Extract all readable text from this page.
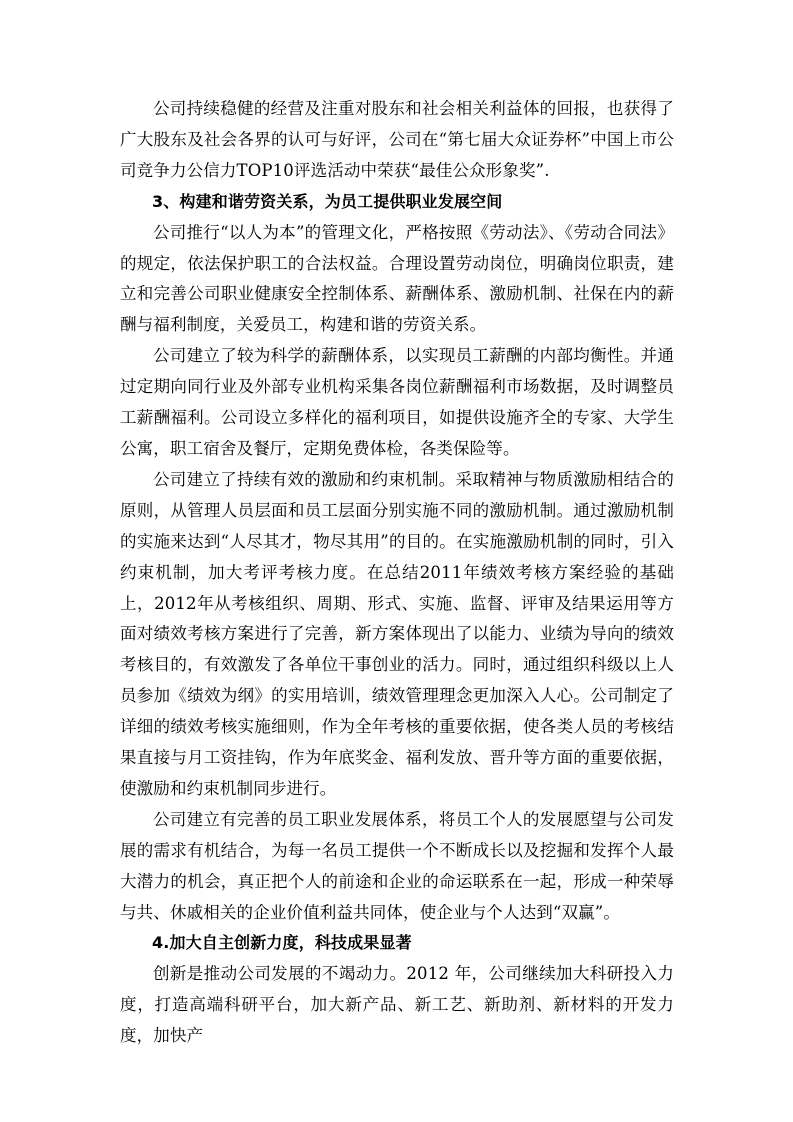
公司持续稳健的经营及注重对股东和社会相关利益体的回报，也获得了广大股东及社会各界的认可与好评，公司在“第七届大众证券杯”中国上市公司竞争力公信力TOP10评选活动中荣获“最佳公众形象奖”.

3、构建和谐劳资关系，为员工提供职业发展空间

公司推行“以人为本”的管理文化，严格按照《劳动法》、《劳动合同法》的规定，依法保护职工的合法权益。合理设置劳动岗位，明确岗位职责，建立和完善公司职业健康安全控制体系、薪酬体系、激励机制、社保在内的薪酬与福利制度，关爱员工，构建和谐的劳资关系。

公司建立了较为科学的薪酬体系，以实现员工薪酬的内部均衡性。并通过定期向同行业及外部专业机构采集各岗位薪酬福利市场数据，及时调整员工薪酬福利。公司设立多样化的福利项目，如提供设施齐全的专家、大学生公寓，职工宿舍及餐厅，定期免费体检，各类保险等。

公司建立了持续有效的激励和约束机制。采取精神与物质激励相结合的原则，从管理人员层面和员工层面分别实施不同的激励机制。通过激励机制的实施来达到“人尽其才，物尽其用”的目的。在实施激励机制的同时，引入约束机制，加大考评考核力度。在总结2011年绩效考核方案经验的基础上，2012年从考核组织、周期、形式、实施、监督、评审及结果运用等方面对绩效考核方案进行了完善，新方案体现出了以能力、业绩为导向的绩效考核目的，有效激发了各单位干事创业的活力。同时，通过组织科级以上人员参加《绩效为纲》的实用培训，绩效管理理念更加深入人心。公司制定了详细的绩效考核实施细则，作为全年考核的重要依据，使各类人员的考核结果直接与月工资挂钩，作为年底奖金、福利发放、晋升等方面的重要依据，使激励和约束机制同步进行。

公司建立有完善的员工职业发展体系，将员工个人的发展愿望与公司发展的需求有机结合，为每一名员工提供一个不断成长以及挖掘和发挥个人最大潜力的机会，真正把个人的前途和企业的命运联系在一起，形成一种荣辱与共、休戚相关的企业价值利益共同体，使企业与个人达到“双赢”。

4.加大自主创新力度，科技成果显著

创新是推动公司发展的不竭动力。2012 年，公司继续加大科研投入力度，打造高端科研平台，加大新产品、新工艺、新助剂、新材料的开发力度，加快产
